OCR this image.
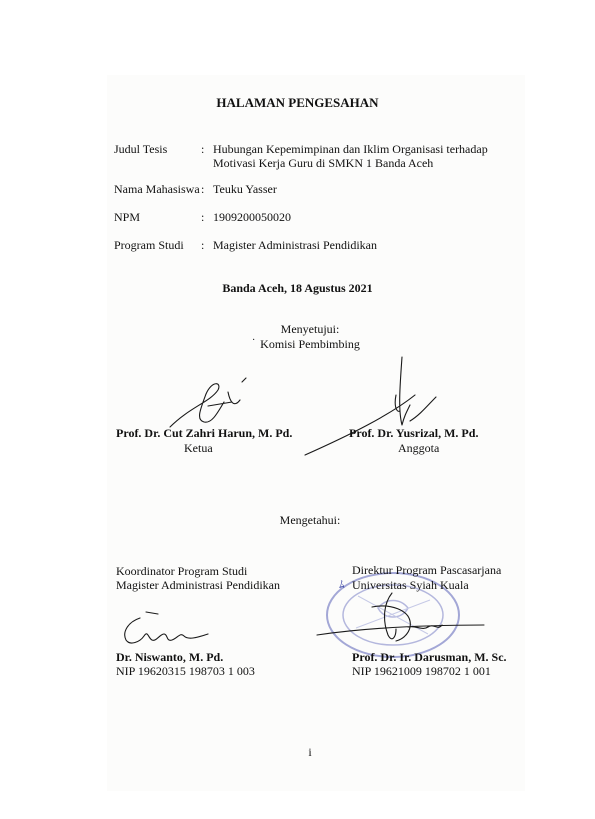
HALAMAN PENGESAHAN
Judul Tesis	: Hubungan Kepemimpinan dan Iklim Organisasi terhadap
Motivasi Kerja Guru di SMKN 1 Banda Aceh
Nama Mahasiswa : Teuku Yasser
NPM	: 1909200050020
Program Studi : Magister Administrasi Pendidikan
Banda Aceh, 18 Agustus 2021
Menyetujui:
Komisi Pembimbing
·
Prof. Dr. Cut Zahri Harun, M. Pd.
Ketua
Prof. Dr. Yusrizal, M. Pd.
Anggota
Mengetahui:
Koordinator Program Studi
Magister Administrasi Pendidikan
Dr. Niswanto, M. Pd.
NIP 19620315 198703 1 003
Direktur Program Pascasarjana
ﾑ Universitas Syiah Kuala
Prof. Dr. Ir. Darusman, M. Sc.
NIP 19621009 198702 1 001
i
